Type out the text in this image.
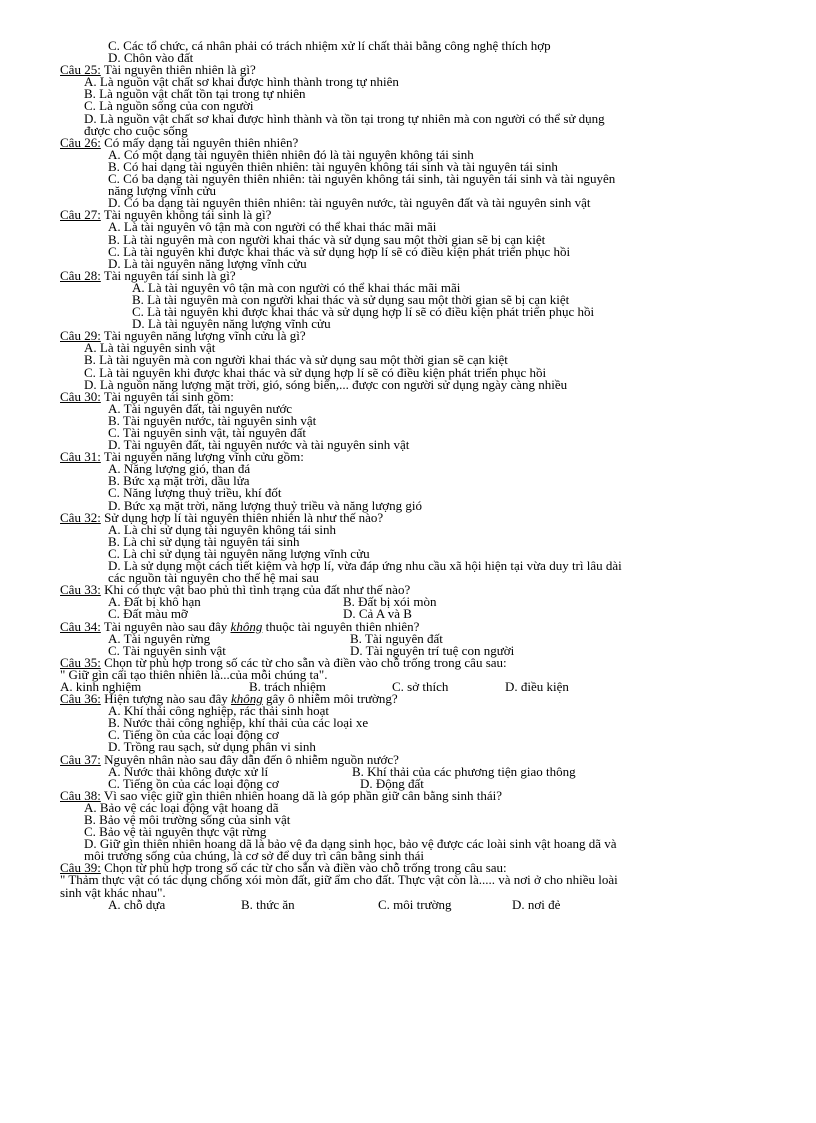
C. Các tổ chức, cá nhân phải có trách nhiệm xử lí chất thải bằng công nghệ thích hợp
D. Chôn vào đất
Câu 25: Tài nguyên thiên nhiên là gì?
A. Là nguồn vật chất sơ khai được hình thành trong tự nhiên
B. Là nguồn vật chất tồn tại trong tự nhiên
C. Là nguồn sống của con người
D. Là nguồn vật chất sơ khai được hình thành và tồn tại trong tự nhiên mà con người có thể sử dụng
được cho cuộc sống
Câu 26: Có mấy dạng tài nguyên thiên nhiên?
A. Có một dạng tài nguyên thiên nhiên đó là tài nguyên không tái sinh
B. Có hai dạng tài nguyên thiên nhiên: tài nguyên không tái sinh và tài nguyên tái sinh
C. Có ba dạng tài nguyên thiên nhiên: tài nguyên không tái sinh, tài nguyên tái sinh và tài nguyên
năng lượng vĩnh cửu
D. Có ba dạng tài nguyên thiên nhiên: tài nguyên nước, tài nguyên đất và tài nguyên sinh vật
Câu 27: Tài nguyên không tái sinh là gì?
A. Là tài nguyên vô tận mà con người có thể khai thác mãi mãi
B. Là tài nguyên mà con người khai thác và sử dụng sau một thời gian sẽ bị cạn kiệt
C. Là tài nguyên khi được khai thác và sử dụng hợp lí sẽ có điều kiện phát triển phục hồi
D. Là tài nguyên năng lượng vĩnh cửu
Câu 28: Tài nguyên tái sinh là gì?
A. Là tài nguyên vô tận mà con người có thể khai thác mãi mãi
B. Là tài nguyên mà con người khai thác và sử dụng sau một thời gian sẽ bị cạn kiệt
C. Là tài nguyên khi được khai thác và sử dụng hợp lí sẽ có điều kiện phát triển phục hồi
D. Là tài nguyên năng lượng vĩnh cửu
Câu 29: Tài nguyên năng lượng vĩnh cửu là gì?
A. Là tài nguyên sinh vật
B. Là tài nguyên mà con người khai thác và sử dụng sau một thời gian sẽ cạn kiệt
C. Là tài nguyên khi được khai thác và sử dụng hợp lí sẽ có điều kiện phát triển phục hồi
D. Là nguồn năng lượng mặt trời, gió, sóng biển,... được con người sử dụng ngày càng nhiều
Câu 30: Tài nguyên tái sinh gồm:
A. Tài nguyên đất, tài nguyên nước
B. Tài nguyên nước, tài nguyên sinh vật
C. Tài nguyên sinh vật, tài nguyên đất
D. Tài nguyên đất, tài nguyên nước và tài nguyên sinh vật
Câu 31: Tài nguyên năng lượng vĩnh cửu gồm:
A. Năng lượng gió, than đá
B. Bức xạ mặt trời, dầu lửa
C. Năng lượng thuỷ triều, khí đốt
D. Bức xạ mặt trời, năng lượng thuỷ triều và năng lượng gió
Câu 32: Sử dụng hợp lí tài nguyên thiên nhiên là như thế nào?
A. Là chỉ sử dụng tài nguyên không tái sinh
B. Là chỉ sử dụng tài nguyên tái sinh
C. Là chỉ sử dụng tài nguyên năng lượng vĩnh cửu
D. Là sử dụng một cách tiết kiệm và hợp lí, vừa đáp ứng nhu cầu xã hội hiện tại vừa duy trì lâu dài
các nguồn tài nguyên cho thế hệ mai sau
Câu 33: Khi có thực vật bao phủ thì tình trạng của đất như thế nào?
A. Đất bị khô hạn	B. Đất bị xói mòn
C. Đất màu mỡ	D. Cả A và B
Câu 34: Tài nguyên nào sau đây không thuộc tài nguyên thiên nhiên?
A. Tài nguyên rừng	B. Tài nguyên đất
C. Tài nguyên sinh vật	D. Tài nguyên trí tuệ con người
Câu 35: Chọn từ phù hợp trong số các từ cho sẵn và điền vào chỗ trống trong câu sau:
" Giữ gìn cấi tạo thiên nhiên là...của mỗi chúng ta".
A. kinh nghiệm	B. trách nhiệm	C. sở thích	D. điều kiện
Câu 36: Hiện tượng nào sau đây không gây ô nhiễm môi trường?
A. Khí thải công nghiệp, rác thải sinh hoạt
B. Nước thải công nghiệp, khí thải của các loại xe
C. Tiếng ồn của các loại động cơ
D. Trồng rau sạch, sử dụng phân vi sinh
Câu 37: Nguyên nhân nào sau đây dẫn đến ô nhiễm nguồn nước?
A. Nước thải không được xử lí	B. Khí thải của các phương tiện giao thông
C. Tiếng ồn của các loại động cơ	D. Động đất
Câu 38: Vì sao việc giữ gìn thiên nhiên hoang dã là góp phần giữ cân bằng sinh thái?
A. Bảo vệ các loại động vật hoang dã
B. Bảo vệ môi trường sống của sinh vật
C. Bảo vệ tài nguyên thực vật rừng
D. Giữ gìn thiên nhiên hoang dã là bảo vệ đa dạng sinh học, bảo vệ được các loài sinh vật hoang dã và
môi trường sống của chúng, là cơ sở để duy trì cân bằng sinh thái
Câu 39: Chọn từ phù hợp trong số các từ cho sẵn và điền vào chỗ trống trong câu sau:
" Thảm thực vật có tác dụng chống xói mòn đất, giữ ẩm cho đất. Thực vật còn là..... và nơi ở cho nhiều loài
sinh vật khác nhau".
A. chỗ dựa	B. thức ăn	C. môi trường	D. nơi đẻ
